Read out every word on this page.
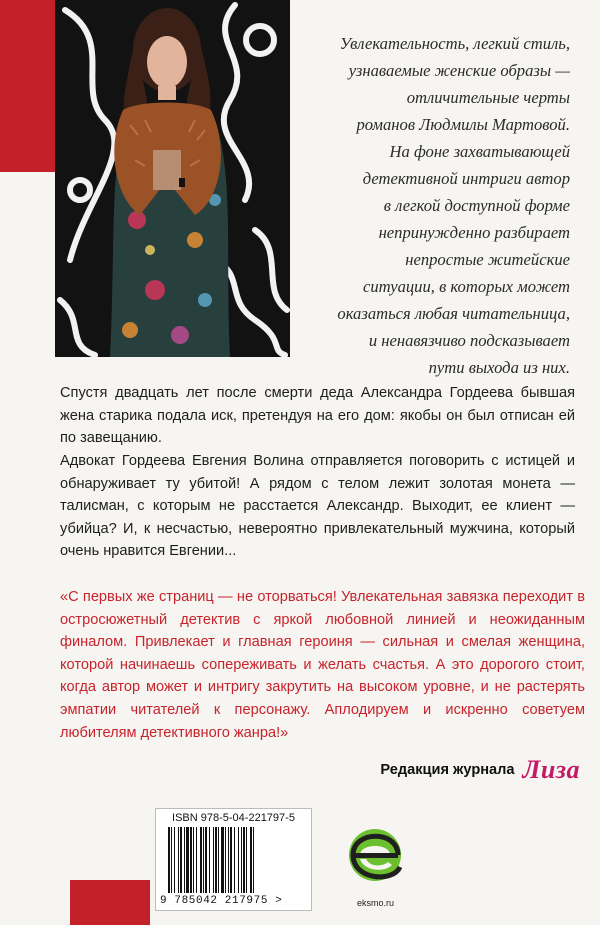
Увлекательность, легкий стиль,
узнаваемые женские образы —
отличительные черты
романов Людмилы Мартовой.
На фоне захватывающей
детективной интриги автор
в легкой доступной форме
непринужденно разбирает
непростые житейские
ситуации, в которых может
оказаться любая читательница,
и ненавязчиво подсказывает
пути выхода из них.
Спустя двадцать лет после смерти деда Александра Гордеева бывшая жена старика подала иск, претендуя на его дом: якобы он был отписан ей по завещанию.
Адвокат Гордеева Евгения Волина отправляется поговорить с истицей и обнаруживает ту убитой! А рядом с телом лежит золотая монета — талисман, с которым не расстается Александр. Выходит, ее клиент — убийца? И, к несчастью, невероятно привлекательный мужчина, который очень нравится Евгении...
«С первых же страниц — не оторваться! Увлекательная завязка переходит в остросюжетный детектив с яркой любовной линией и неожиданным финалом. Привлекает и главная героиня — сильная и смелая женщина, которой начинаешь сопереживать и желать счастья. А это дорогого стоит, когда автор может и интригу закрутить на высоком уровне, и не растерять эмпатии читателей к персонажу. Аплодируем и искренно советуем любителям детективного жанра!»
Редакция журнала Лиза
ISBN 978-5-04-221797-5
9 785042 217975 >	eksmo.ru
